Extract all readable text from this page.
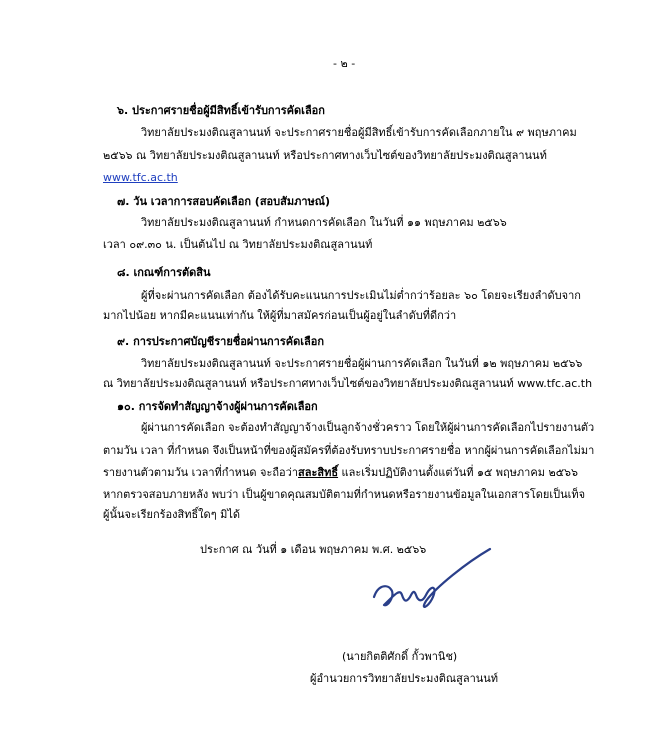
- ๒ -
๖. ประกาศรายชื่อผู้มีสิทธิ์เข้ารับการคัดเลือก
วิทยาลัยประมงติณสูลานนท์ จะประกาศรายชื่อผู้มีสิทธิ์เข้ารับการคัดเลือกภายใน ๙ พฤษภาคม
๒๕๖๖ ณ วิทยาลัยประมงติณสูลานนท์ หรือประกาศทางเว็บไซต์ของวิทยาลัยประมงติณสูลานนท์
www.tfc.ac.th
๗. วัน เวลาการสอบคัดเลือก (สอบสัมภาษณ์)
วิทยาลัยประมงติณสูลานนท์ กำหนดการคัดเลือก ในวันที่ ๑๑ พฤษภาคม ๒๕๖๖
เวลา ๐๙.๓๐ น. เป็นต้นไป ณ วิทยาลัยประมงติณสูลานนท์
๘. เกณฑ์การตัดสิน
ผู้ที่จะผ่านการคัดเลือก ต้องได้รับคะแนนการประเมินไม่ต่ำกว่าร้อยละ ๖๐ โดยจะเรียงลำดับจาก
มากไปน้อย หากมีคะแนนเท่ากัน ให้ผู้ที่มาสมัครก่อนเป็นผู้อยู่ในลำดับที่ดีกว่า
๙. การประกาศบัญชีรายชื่อผ่านการคัดเลือก
วิทยาลัยประมงติณสูลานนท์ จะประกาศรายชื่อผู้ผ่านการคัดเลือก ในวันที่ ๑๒ พฤษภาคม ๒๕๖๖
ณ วิทยาลัยประมงติณสูลานนท์ หรือประกาศทางเว็บไซต์ของวิทยาลัยประมงติณสูลานนท์ www.tfc.ac.th
๑๐. การจัดทำสัญญาจ้างผู้ผ่านการคัดเลือก
ผู้ผ่านการคัดเลือก จะต้องทำสัญญาจ้างเป็นลูกจ้างชั่วคราว โดยให้ผู้ผ่านการคัดเลือกไปรายงานตัว
ตามวัน เวลา ที่กำหนด จึงเป็นหน้าที่ของผู้สมัครที่ต้องรับทราบประกาศรายชื่อ หากผู้ผ่านการคัดเลือกไม่มา
รายงานตัวตามวัน เวลาที่กำหนด จะถือว่าสละสิทธิ์ และเริ่มปฏิบัติงานตั้งแต่วันที่ ๑๕ พฤษภาคม ๒๕๖๖
หากตรวจสอบภายหลัง พบว่า เป็นผู้ขาดคุณสมบัติตามที่กำหนดหรือรายงานข้อมูลในเอกสารโดยเป็นเท็จ
ผู้นั้นจะเรียกร้องสิทธิ์ใดๆ มิได้
ประกาศ ณ วันที่ ๑ เดือน พฤษภาคม พ.ศ. ๒๕๖๖
(นายกิตติศักดิ์ กั้วพานิช)
ผู้อำนวยการวิทยาลัยประมงติณสูลานนท์
